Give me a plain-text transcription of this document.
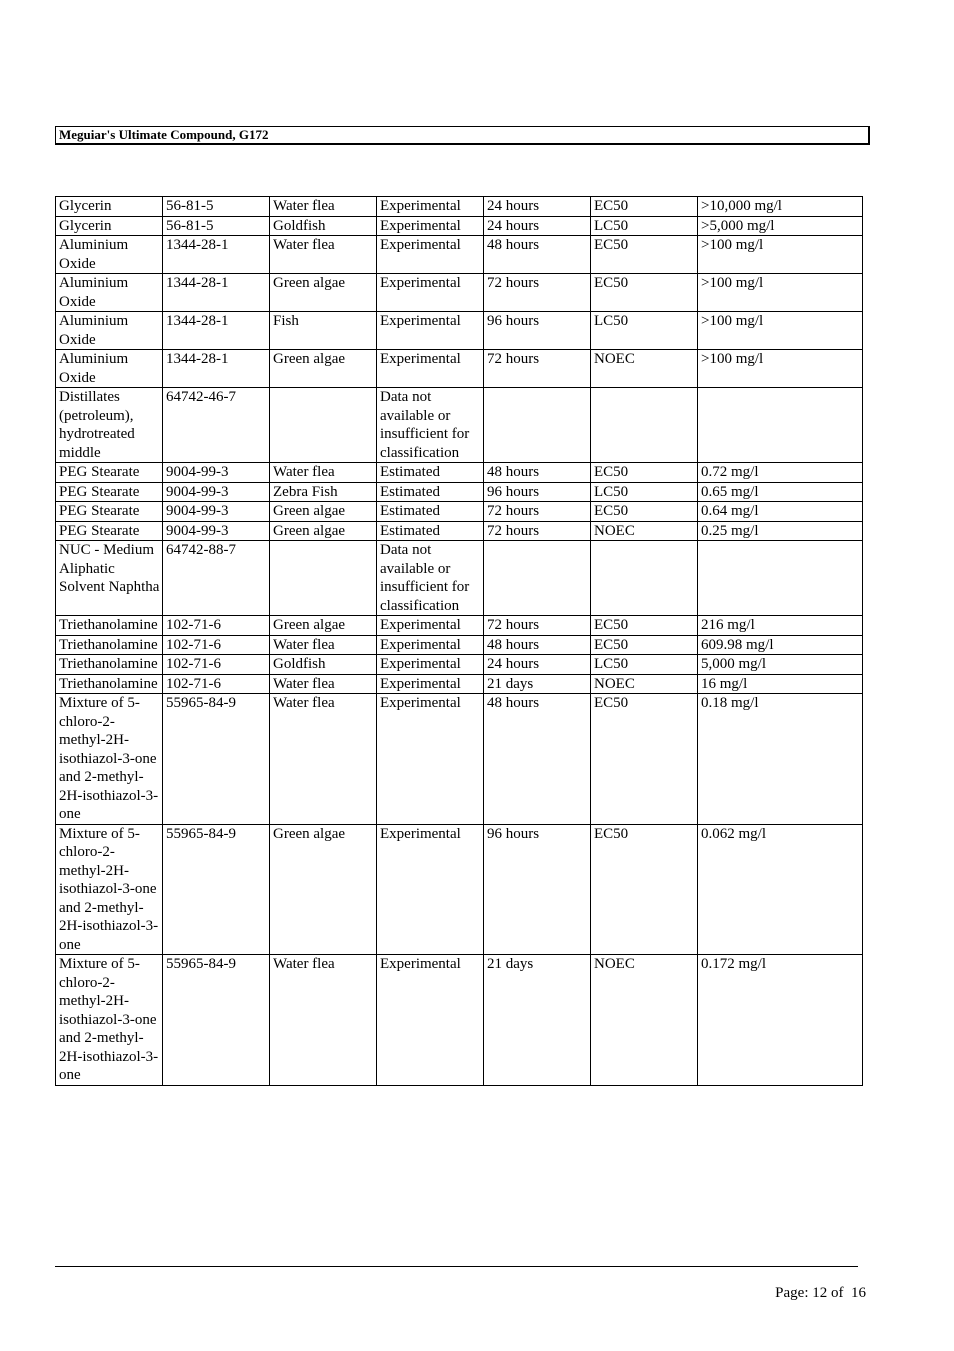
Meguiar's Ultimate Compound, G172
Glycerin	56-81-5	Water flea	Experimental	24 hours	EC50	>10,000 mg/l
Glycerin	56-81-5	Goldfish	Experimental	24 hours	LC50	>5,000 mg/l
Aluminium Oxide	1344-28-1	Water flea	Experimental	48 hours	EC50	>100 mg/l
Aluminium Oxide	1344-28-1	Green algae	Experimental	72 hours	EC50	>100 mg/l
Aluminium Oxide	1344-28-1	Fish	Experimental	96 hours	LC50	>100 mg/l
Aluminium Oxide	1344-28-1	Green algae	Experimental	72 hours	NOEC	>100 mg/l
Distillates (petroleum), hydrotreated middle	64742-46-7		Data not available or insufficient for classification			
PEG Stearate	9004-99-3	Water flea	Estimated	48 hours	EC50	0.72 mg/l
PEG Stearate	9004-99-3	Zebra Fish	Estimated	96 hours	LC50	0.65 mg/l
PEG Stearate	9004-99-3	Green algae	Estimated	72 hours	EC50	0.64 mg/l
PEG Stearate	9004-99-3	Green algae	Estimated	72 hours	NOEC	0.25 mg/l
NUC - Medium Aliphatic Solvent Naphtha	64742-88-7		Data not available or insufficient for classification			
Triethanolamine	102-71-6	Green algae	Experimental	72 hours	EC50	216 mg/l
Triethanolamine	102-71-6	Water flea	Experimental	48 hours	EC50	609.98 mg/l
Triethanolamine	102-71-6	Goldfish	Experimental	24 hours	LC50	5,000 mg/l
Triethanolamine	102-71-6	Water flea	Experimental	21 days	NOEC	16 mg/l
Mixture of 5-chloro-2-methyl-2H-isothiazol-3-one and 2-methyl-2H-isothiazol-3-one	55965-84-9	Water flea	Experimental	48 hours	EC50	0.18 mg/l
Mixture of 5-chloro-2-methyl-2H-isothiazol-3-one and 2-methyl-2H-isothiazol-3-one	55965-84-9	Green algae	Experimental	96 hours	EC50	0.062 mg/l
Mixture of 5-chloro-2-methyl-2H-isothiazol-3-one and 2-methyl-2H-isothiazol-3-one	55965-84-9	Water flea	Experimental	21 days	NOEC	0.172 mg/l
Page: 12 of  16
